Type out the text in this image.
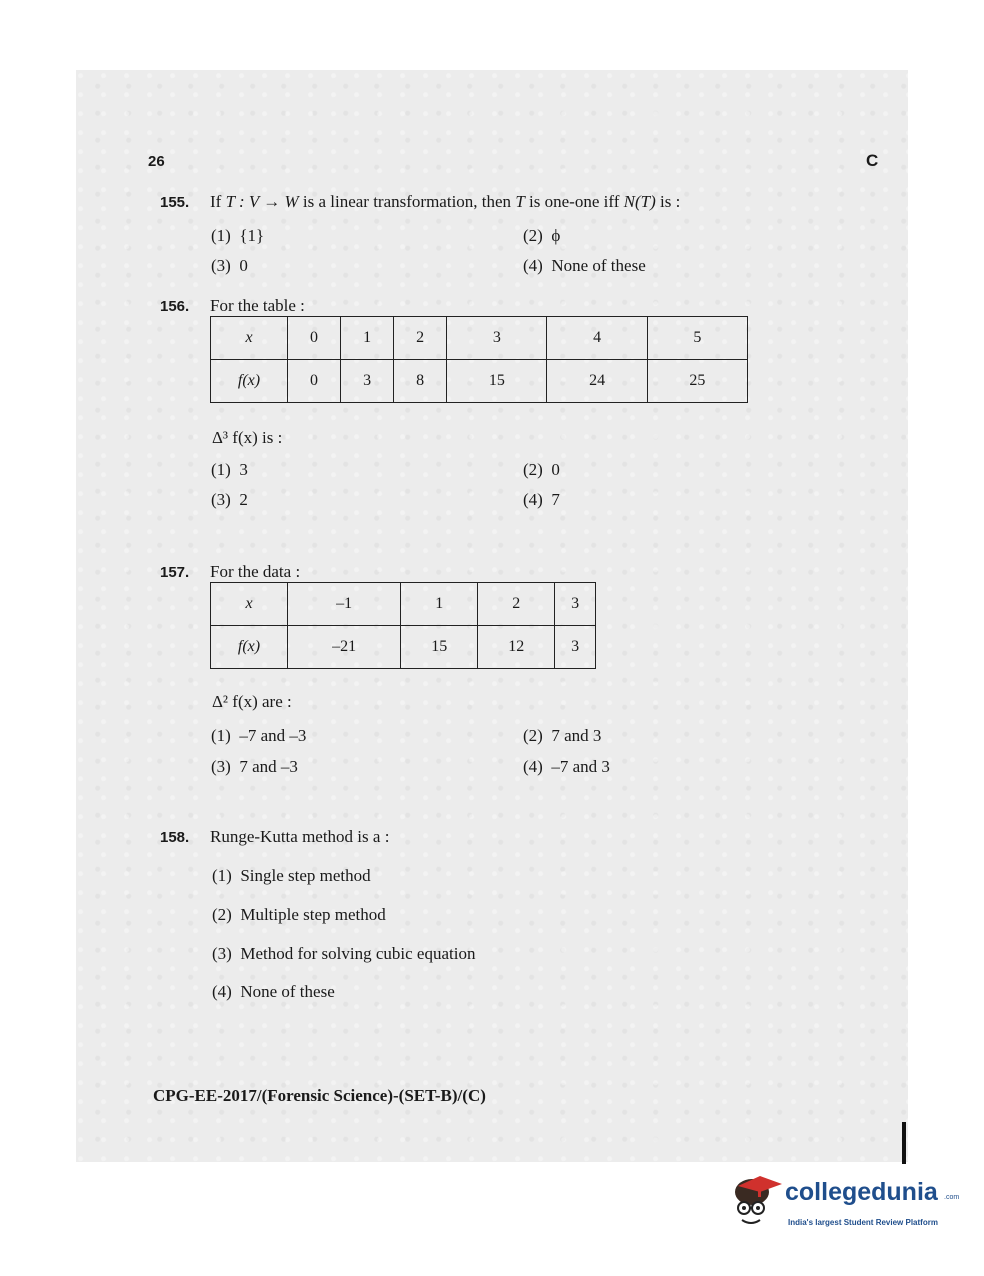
26	C
155. If T : V → W is a linear transformation, then T is one-one iff N(T) is :
(1) {1}	(2) ϕ
(3) 0	(4) None of these
156. For the table :
x	0	1	2	3	4	5
f(x)	0	3	8	15	24	25
Δ³ f(x) is :
(1) 3	(2) 0
(3) 2	(4) 7
157. For the data :
x	–1	1	2	3
f(x)	–21	15	12	3
Δ² f(x) are :
(1) –7 and –3	(2) 7 and 3
(3) 7 and –3	(4) –7 and 3
158. Runge-Kutta method is a :
(1) Single step method
(2) Multiple step method
(3) Method for solving cubic equation
(4) None of these
CPG-EE-2017/(Forensic Science)-(SET-B)/(C)
collegedunia .com
India's largest Student Review Platform
